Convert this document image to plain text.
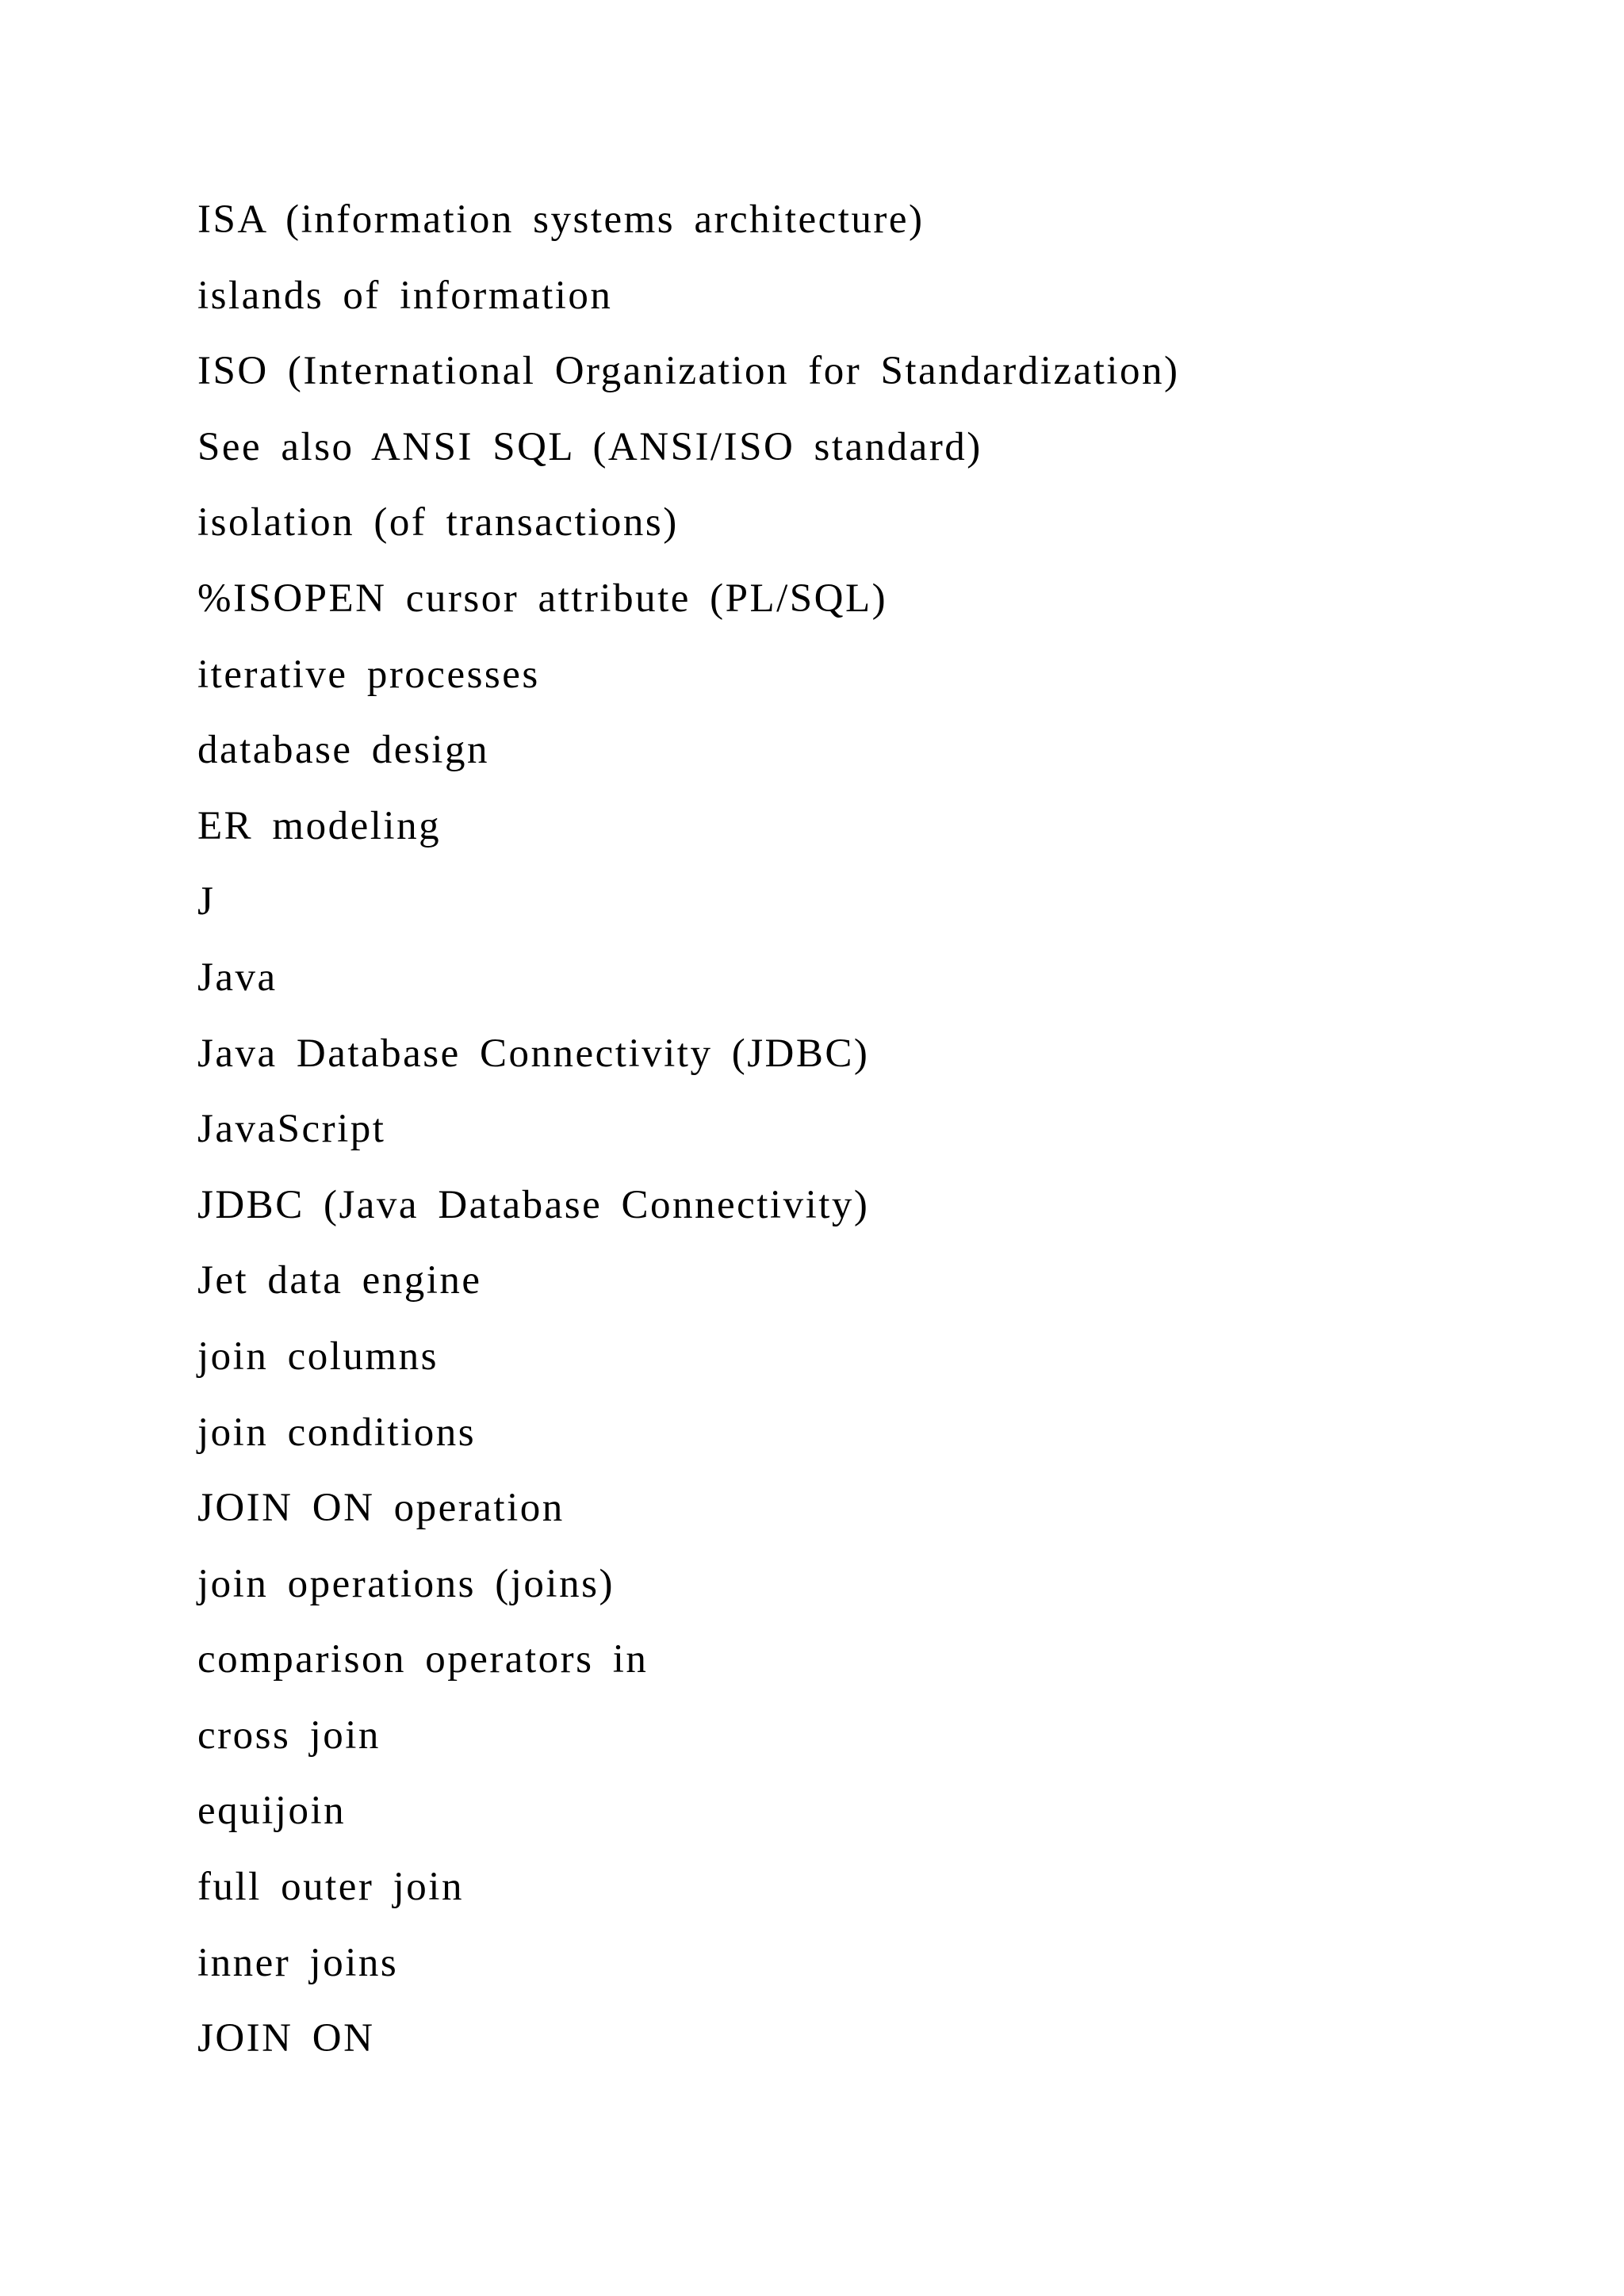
ISA (information systems architecture)
islands of information
ISO (International Organization for Standardization)
See also ANSI SQL (ANSI/ISO standard)
isolation (of transactions)
%ISOPEN cursor attribute (PL/SQL)
iterative processes
database design
ER modeling
J
Java
Java Database Connectivity (JDBC)
JavaScript
JDBC (Java Database Connectivity)
Jet data engine
join columns
join conditions
JOIN ON operation
join operations (joins)
comparison operators in
cross join
equijoin
full outer join
inner joins
JOIN ON
